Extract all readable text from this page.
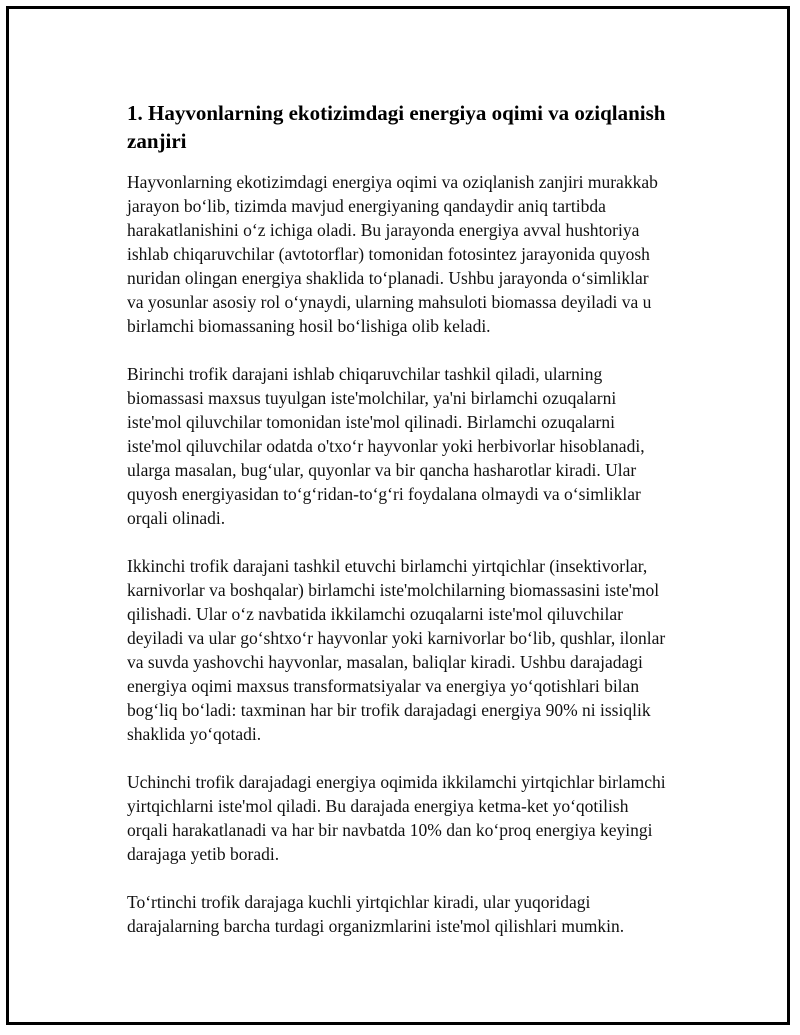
1. Hayvonlarning ekotizimdagi energiya oqimi va oziqlanish
zanjiri

Hayvonlarning ekotizimdagi energiya oqimi va oziqlanish zanjiri murakkab
jarayon bo‘lib, tizimda mavjud energiyaning qandaydir aniq tartibda
harakatlanishini o‘z ichiga oladi. Bu jarayonda energiya avval hushtoriya
ishlab chiqaruvchilar (avtotorflar) tomonidan fotosintez jarayonida quyosh
nuridan olingan energiya shaklida to‘planadi. Ushbu jarayonda o‘simliklar
va yosunlar asosiy rol o‘ynaydi, ularning mahsuloti biomassa deyiladi va u
birlamchi biomassaning hosil bo‘lishiga olib keladi.

Birinchi trofik darajani ishlab chiqaruvchilar tashkil qiladi, ularning
biomassasi maxsus tuyulgan iste'molchilar, ya'ni birlamchi ozuqalarni
iste'mol qiluvchilar tomonidan iste'mol qilinadi. Birlamchi ozuqalarni
iste'mol qiluvchilar odatda o'txo‘r hayvonlar yoki herbivorlar hisoblanadi,
ularga masalan, bug‘ular, quyonlar va bir qancha hasharotlar kiradi. Ular
quyosh energiyasidan to‘g‘ridan-to‘g‘ri foydalana olmaydi va o‘simliklar
orqali olinadi.

Ikkinchi trofik darajani tashkil etuvchi birlamchi yirtqichlar (insektivorlar,
karnivorlar va boshqalar) birlamchi iste'molchilarning biomassasini iste'mol
qilishadi. Ular o‘z navbatida ikkilamchi ozuqalarni iste'mol qiluvchilar
deyiladi va ular go‘shtxo‘r hayvonlar yoki karnivorlar bo‘lib, qushlar, ilonlar
va suvda yashovchi hayvonlar, masalan, baliqlar kiradi. Ushbu darajadagi
energiya oqimi maxsus transformatsiyalar va energiya yo‘qotishlari bilan
bog‘liq bo‘ladi: taxminan har bir trofik darajadagi energiya 90% ni issiqlik
shaklida yo‘qotadi.

Uchinchi trofik darajadagi energiya oqimida ikkilamchi yirtqichlar birlamchi
yirtqichlarni iste'mol qiladi. Bu darajada energiya ketma-ket yo‘qotilish
orqali harakatlanadi va har bir navbatda 10% dan ko‘proq energiya keyingi
darajaga yetib boradi.

To‘rtinchi trofik darajaga kuchli yirtqichlar kiradi, ular yuqoridagi
darajalarning barcha turdagi organizmlarini iste'mol qilishlari mumkin.
